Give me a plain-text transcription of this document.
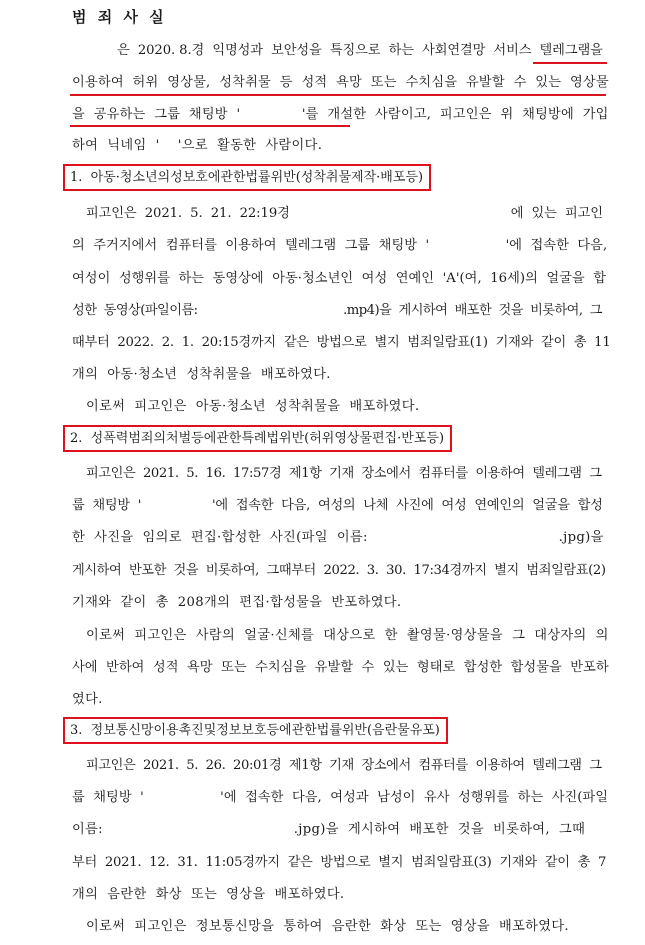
범 죄 사 실
은  2020. 8.경  익명성과  보안성을  특징으로  하는  사회연결망  서비스  텔레그램을
이용하여  허위  영상물,  성착취물  등  성적  욕망  또는  수치심을  유발할  수  있는  영상물
을  공유하는  그룹  채팅방  '              '를  개설한  사람이고,  피고인은  위  채팅방에  가입
하여  닉네임  '    '으로  활동한  사람이다.
1.  아동·청소년의성보호에관한법률위반(성착취물제작·배포등)
피고인은  2021.  5.  21.  22:19경                                                      에  있는  피고인
의  주거지에서  컴퓨터를  이용하여  텔레그램  그룹  채팅방  '                  '에  접속한  다음,
여성이  성행위를  하는  동영상에  아동·청소년인  여성  연예인  'A'(여,  16세)의  얼굴을  합
성한  동영상(파일이름:                                        .mp4)을  게시하여  배포한  것을  비롯하여,  그
때부터  2022.  2.  1.  20:15경까지  같은  방법으로  별지  범죄일람표(1)  기재와  같이  총  11
개의  아동·청소년  성착취물을  배포하였다.
이로써  피고인은  아동·청소년  성착취물을  배포하였다.
2.  성폭력범죄의처벌등에관한특례법위반(허위영상물편집·반포등)
피고인은  2021.  5.  16.  17:57경  제1항  기재  장소에서  컴퓨터를  이용하여  텔레그램  그
룹  채팅방  '                  '에  접속한  다음,  여성의  나체  사진에  여성  연예인의  얼굴을  합성
한  사진을  임의로  편집·합성한  사진(파일  이름:                                          .jpg)을
게시하여  반포한  것을  비롯하여,  그때부터  2022.  3.  30.  17:34경까지  별지  범죄일람표(2)
기재와  같이  총  208개의  편집·합성물을  반포하였다.
이로써  피고인은  사람의  얼굴·신체를  대상으로  한  촬영물·영상물을  그  대상자의  의
사에  반하여  성적  욕망  또는  수치심을  유발할  수  있는  형태로  합성한  합성물을  반포하
였다.
3.  정보통신망이용촉진및정보보호등에관한법률위반(음란물유포)
피고인은  2021.  5.  26.  20:01경  제1항  기재  장소에서  컴퓨터를  이용하여  텔레그램  그
룹  채팅방  '                  '에  접속한  다음,  여성과  남성이  유사  성행위를  하는  사진(파일
이름:                                          .jpg)을  게시하여  배포한  것을  비롯하여,  그때
부터  2021.  12.  31.  11:05경까지  같은  방법으로  별지  범죄일람표(3)  기재와  같이  총  7
개의  음란한  화상  또는  영상을  배포하였다.
이로써  피고인은  정보통신망을  통하여  음란한  화상  또는  영상을  배포하였다.
